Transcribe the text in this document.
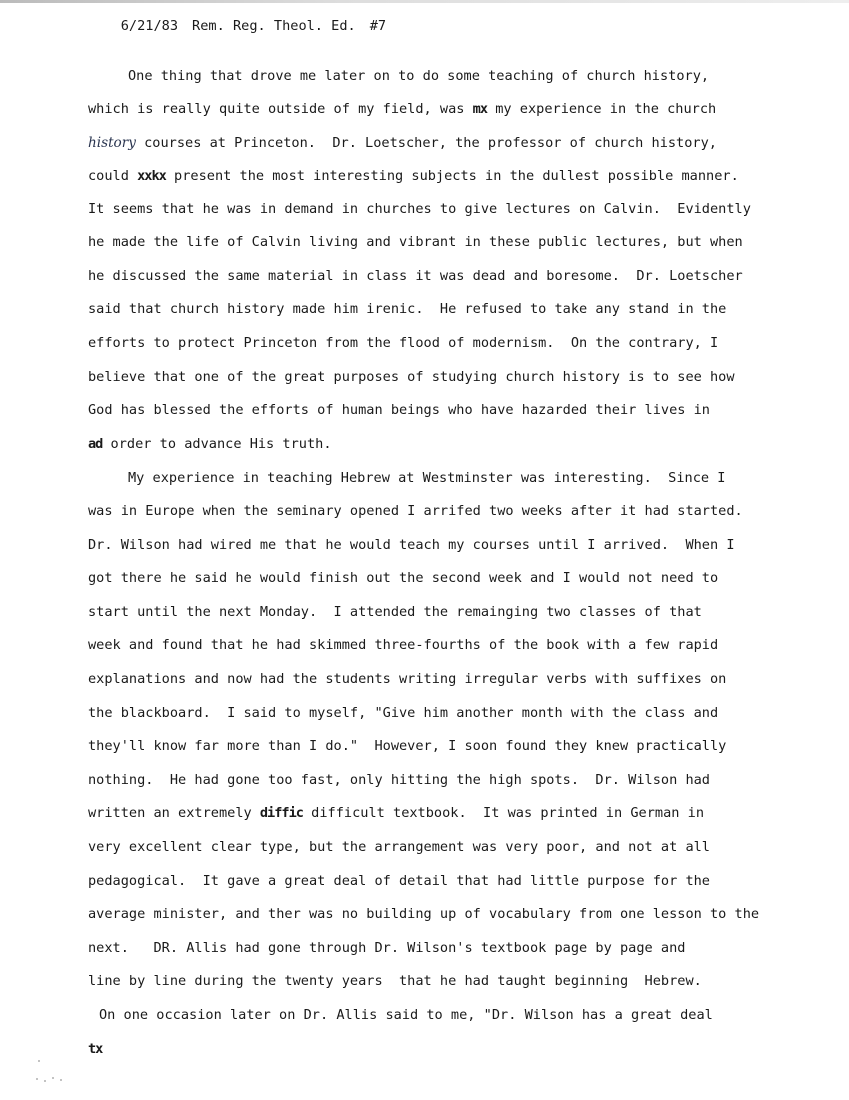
6/21/83 Rem. Reg. Theol. Ed. #7

One thing that drove me later on to do some teaching of church history,
which is really quite outside of my field, was mx my experience in the church
history courses at Princeton.  Dr. Loetscher, the professor of church history,
could xxkx present the most interesting subjects in the dullest possible manner.
It seems that he was in demand in churches to give lectures on Calvin.  Evidently
he made the life of Calvin living and vibrant in these public lectures, but when
he discussed the same material in class it was dead and boresome.  Dr. Loetscher
said that church history made him irenic.  He refused to take any stand in the
efforts to protect Princeton from the flood of modernism.  On the contrary, I
believe that one of the great purposes of studying church history is to see how
God has blessed the efforts of human beings who have hazarded their lives in
ad order to advance His truth.
My experience in teaching Hebrew at Westminster was interesting.  Since I
was in Europe when the seminary opened I arrifed two weeks after it had started.
Dr. Wilson had wired me that he would teach my courses until I arrived.  When I
got there he said he would finish out the second week and I would not need to
start until the next Monday.  I attended the remainging two classes of that
week and found that he had skimmed three-fourths of the book with a few rapid
explanations and now had the students writing irregular verbs with suffixes on
the blackboard.  I said to myself, "Give him another month with the class and
they'll know far more than I do."  However, I soon found they knew practically
nothing.  He had gone too fast, only hitting the high spots.  Dr. Wilson had
written an extremely diffic difficult textbook.  It was printed in German in
very excellent clear type, but the arrangement was very poor, and not at all
pedagogical.  It gave a great deal of detail that had little purpose for the
average minister, and ther was no building up of vocabulary from one lesson to the
next.   DR. Allis had gone through Dr. Wilson's textbook page by page and
line by line during the twenty years  that he had taught beginning  Hebrew.
On one occasion later on Dr. Allis said to me, "Dr. Wilson has a great deal
tx
